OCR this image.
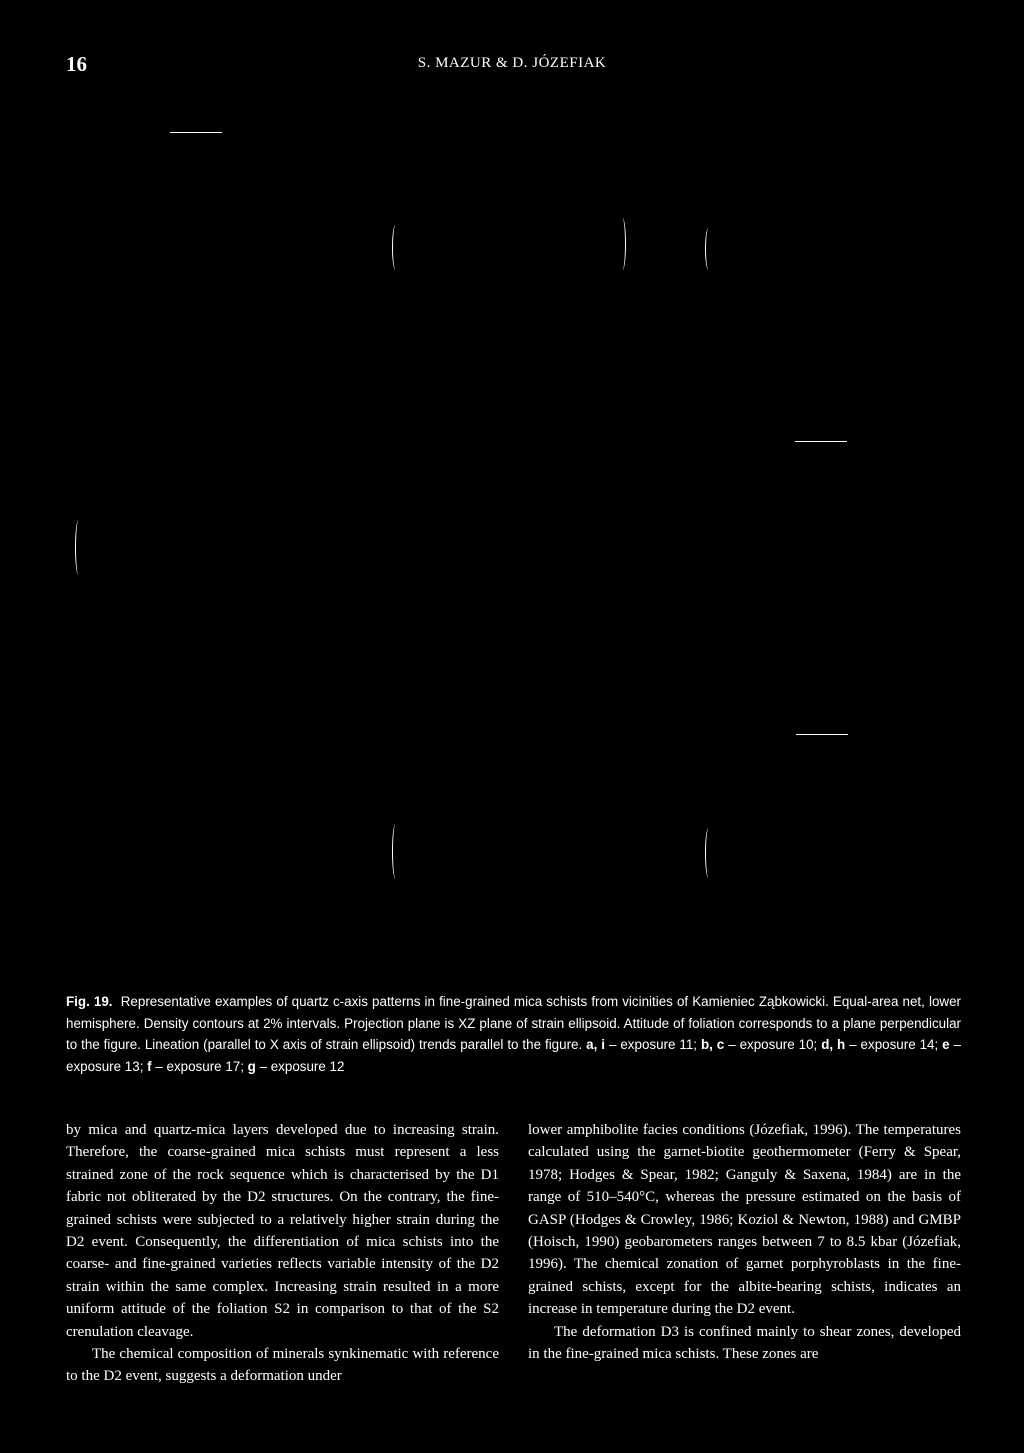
16	S. MAZUR & D. JÓZEFIAK
Fig. 19. Representative examples of quartz c-axis patterns in fine-grained mica schists from vicinities of Kamieniec Ząbkowicki. Equal-area net, lower hemisphere. Density contours at 2% intervals. Projection plane is XZ plane of strain ellipsoid. Attitude of foliation corresponds to a plane perpendicular to the figure. Lineation (parallel to X axis of strain ellipsoid) trends parallel to the figure. a, i – exposure 11; b, c – exposure 10; d, h – exposure 14; e – exposure 13; f – exposure 17; g – exposure 12

by mica and quartz-mica layers developed due to increasing strain. Therefore, the coarse-grained mica schists must represent a less strained zone of the rock sequence which is characterised by the D1 fabric not obliterated by the D2 structures. On the contrary, the fine-grained schists were subjected to a relatively higher strain during the D2 event. Consequently, the differentiation of mica schists into the coarse- and fine-grained varieties reflects variable intensity of the D2 strain within the same complex. Increasing strain resulted in a more uniform attitude of the foliation S2 in comparison to that of the S2 crenulation cleavage.

The chemical composition of minerals synkinematic with reference to the D2 event, suggests a deformation under

lower amphibolite facies conditions (Józefiak, 1996). The temperatures calculated using the garnet-biotite geothermometer (Ferry & Spear, 1978; Hodges & Spear, 1982; Ganguly & Saxena, 1984) are in the range of 510–540°C, whereas the pressure estimated on the basis of GASP (Hodges & Crowley, 1986; Koziol & Newton, 1988) and GMBP (Hoisch, 1990) geobarometers ranges between 7 to 8.5 kbar (Józefiak, 1996). The chemical zonation of garnet porphyroblasts in the fine-grained schists, except for the albite-bearing schists, indicates an increase in temperature during the D2 event.

The deformation D3 is confined mainly to shear zones, developed in the fine-grained mica schists. These zones are
